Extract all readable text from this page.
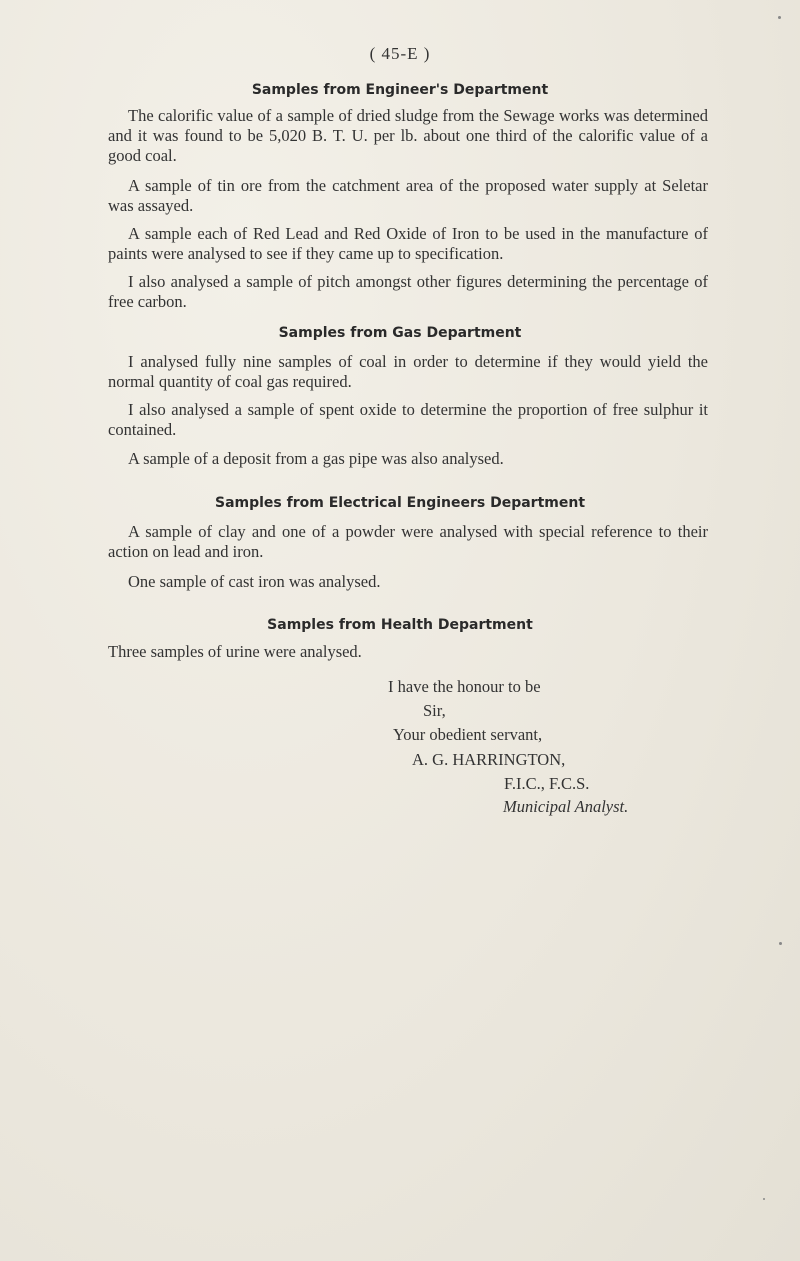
( 45-E )
Samples from Engineer's Department
The calorific value of a sample of dried sludge from the Sewage works was determined and it was found to be 5,020 B. T. U. per lb. about one third of the calorific value of a good coal.
A sample of tin ore from the catchment area of the proposed water supply at Seletar was assayed.
A sample each of Red Lead and Red Oxide of Iron to be used in the manufacture of paints were analysed to see if they came up to specification.
I also analysed a sample of pitch amongst other figures determining the percentage of free carbon.
Samples from Gas Department
I analysed fully nine samples of coal in order to determine if they would yield the normal quantity of coal gas required.
I also analysed a sample of spent oxide to determine the proportion of free sulphur it contained.
A sample of a deposit from a gas pipe was also analysed.
Samples from Electrical Engineers Department
A sample of clay and one of a powder were analysed with special reference to their action on lead and iron.
One sample of cast iron was analysed.
Samples from Health Department
Three samples of urine were analysed.
I have the honour to be
Sir,
Your obedient servant,
A. G. HARRINGTON,
F.I.C., F.C.S.
Municipal Analyst.
